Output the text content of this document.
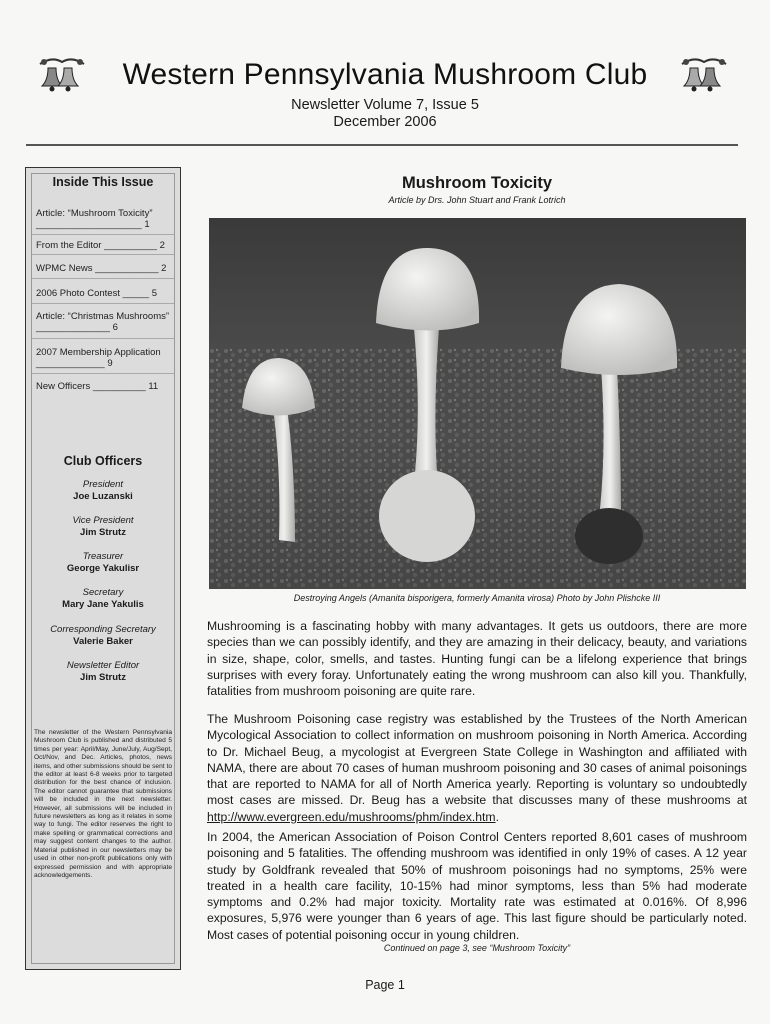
Western Pennsylvania Mushroom Club
Newsletter Volume 7, Issue 5
December 2006
Inside This Issue
Article: “Mushroom Toxicity” ____________________ 1
From the Editor __________ 2
WPMC News ____________ 2
2006 Photo Contest _____ 5
Article: “Christmas Mushrooms” ______________ 6
2007 Membership Application _____________ 9
New Officers __________ 11
Club Officers
President
Joe Luzanski
Vice President
Jim Strutz
Treasurer
George Yakulisr
Secretary
Mary Jane Yakulis
Corresponding Secretary
Valerie Baker
Newsletter Editor
Jim Strutz
The newsletter of the Western Pennsylvania Mushroom Club is published and distributed 5 times per year: April/May, June/July, Aug/Sept, Oct/Nov, and Dec. Articles, photos, news items, and other submissions should be sent to the editor at least 6-8 weeks prior to targeted distribution for the best chance of inclusion. The editor cannot guarantee that submissions will be included in the next newsletter. However, all submissions will be included in future newsletters as long as it relates in some way to fungi. The editor reserves the right to make spelling or grammatical corrections and may suggest content changes to the author. Material published in our newsletters may be used in other non-profit publications only with expressed permission and with appropriate acknowledgements.
Mushroom Toxicity
Article by Drs. John Stuart and Frank Lotrich
Destroying Angels (Amanita bisporigera, formerly Amanita virosa) Photo by John Plishcke III
Mushrooming is a fascinating hobby with many advantages. It gets us outdoors, there are more species than we can possibly identify, and they are amazing in their delicacy, beauty, and variations in size, shape, color, smells, and tastes. Hunting fungi can be a lifelong experience that brings surprises with every foray. Unfortunately eating the wrong mushroom can also kill you. Thankfully, fatalities from mushroom poisoning are quite rare.
The Mushroom Poisoning case registry was established by the Trustees of the North American Mycological Association to collect information on mushroom poisoning in North America. According to Dr. Michael Beug, a mycologist at Evergreen State College in Washington and affiliated with NAMA, there are about 70 cases of human mushroom poisoning and 30 cases of animal poisonings that are reported to NAMA for all of North America yearly. Reporting is voluntary so undoubtedly most cases are missed. Dr. Beug has a website that discusses many of these mushrooms at http://www.evergreen.edu/mushrooms/phm/index.htm.
In 2004, the American Association of Poison Control Centers reported 8,601 cases of mushroom poisoning and 5 fatalities. The offending mushroom was identified in only 19% of cases. A 12 year study by Goldfrank revealed that 50% of mushroom poisonings had no symptoms, 25% were treated in a health care facility, 10-15% had minor symptoms, less than 5% had moderate symptoms and 0.2% had major toxicity. Mortality rate was estimated at 0.016%. Of 8,996 exposures, 5,976 were younger than 6 years of age. This last figure should be particularly noted. Most cases of potential poisoning occur in young children.
Continued on page 3, see “Mushroom Toxicity”
Page 1
